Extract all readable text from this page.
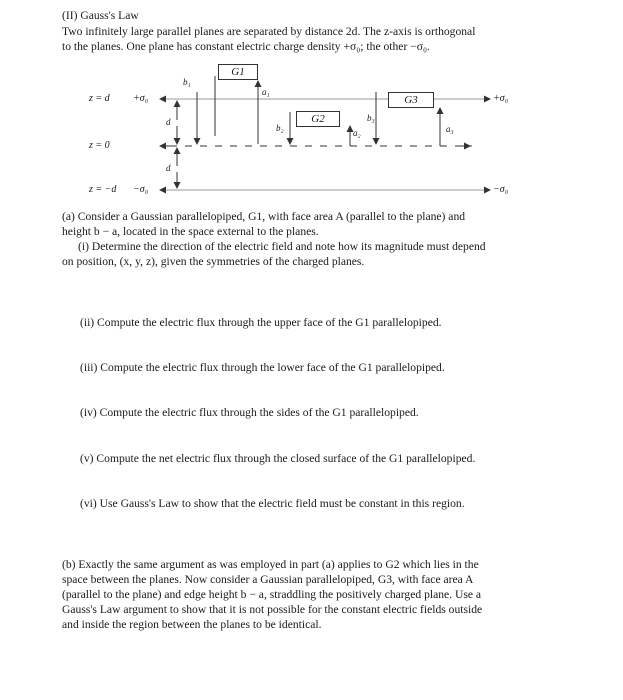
(II) Gauss's Law
Two infinitely large parallel planes are separated by distance 2d. The z-axis is orthogonal
to the planes. One plane has constant electric charge density +σ₀; the other −σ₀.
z = d
z = 0
z = −d
+σ₀
−σ₀
+σ₀
−σ₀
G1
G2
G3
b₁
a₁
b₂	a₂
b₃
a₃
d
d
(a) Consider a Gaussian parallelopiped, G1, with face area A (parallel to the plane) and
height b − a, located in the space external to the planes.
(i) Determine the direction of the electric field and note how its magnitude must depend
on position, (x, y, z), given the symmetries of the charged planes.
(ii) Compute the electric flux through the upper face of the G1 parallelopiped.
(iii) Compute the electric flux through the lower face of the G1 parallelopiped.
(iv) Compute the electric flux through the sides of the G1 parallelopiped.
(v) Compute the net electric flux through the closed surface of the G1 parallelopiped.
(vi) Use Gauss's Law to show that the electric field must be constant in this region.
(b) Exactly the same argument as was employed in part (a) applies to G2 which lies in the
space between the planes. Now consider a Gaussian parallelopiped, G3, with face area A
(parallel to the plane) and edge height b − a, straddling the positively charged plane. Use a
Gauss's Law argument to show that it is not possible for the constant electric fields outside
and inside the region between the planes to be identical.
